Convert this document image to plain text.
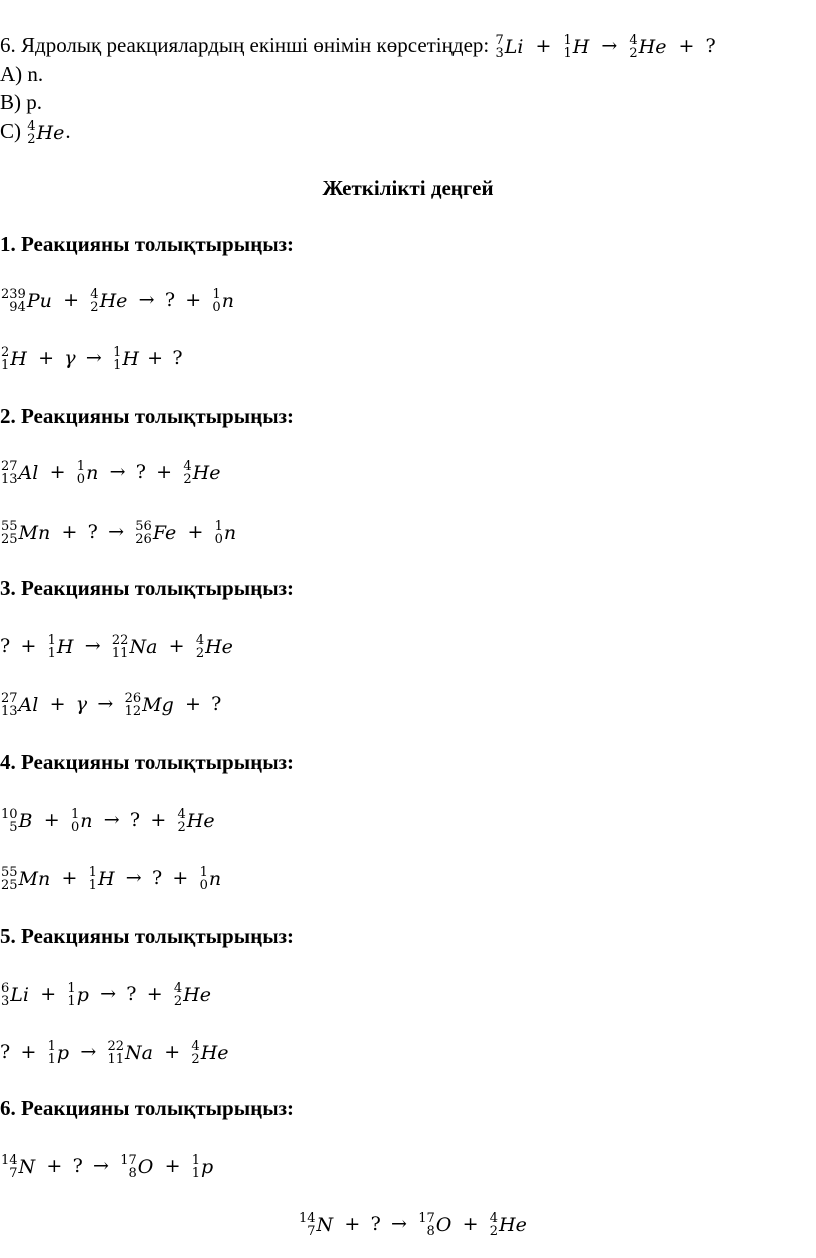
6. Ядролық реакциялардың екінші өнімін көрсетіңдер: 7
3 Li + 1
1 H → 4
2 He + ?
A) n.
B) p.
C) 4
2 He .
Жеткілікті деңгей
1. Реакцияны толықтырыңыз:
239
94 Pu + 4
2 He → ? + 1
0 n
2
1 H + γ → 1
1 H + ?
2. Реакцияны толықтырыңыз:
27
13 Al + 1
0 n → ? + 4
2 He
55
25 Mn + ? → 56
26 Fe + 1
0 n
3. Реакцияны толықтырыңыз:
? + 1
1 H → 22
11 Na + 4
2 He
27
13 Al + γ → 26
12 Mg + ?
4. Реакцияны толықтырыңыз:
10
5 B + 1
0 n → ? + 4
2 He
55
25 Mn + 1
1 H → ? + 1
0 n
5. Реакцияны толықтырыңыз:
6
3 Li + 1
1 p → ? + 4
2 He
? + 1
1 p → 22
11 Na + 4
2 He
6. Реакцияны толықтырыңыз:
14
7 N + ? → 17
8 O + 1
1 p
14
7 N + ? → 17
8 O + 4
2 He
